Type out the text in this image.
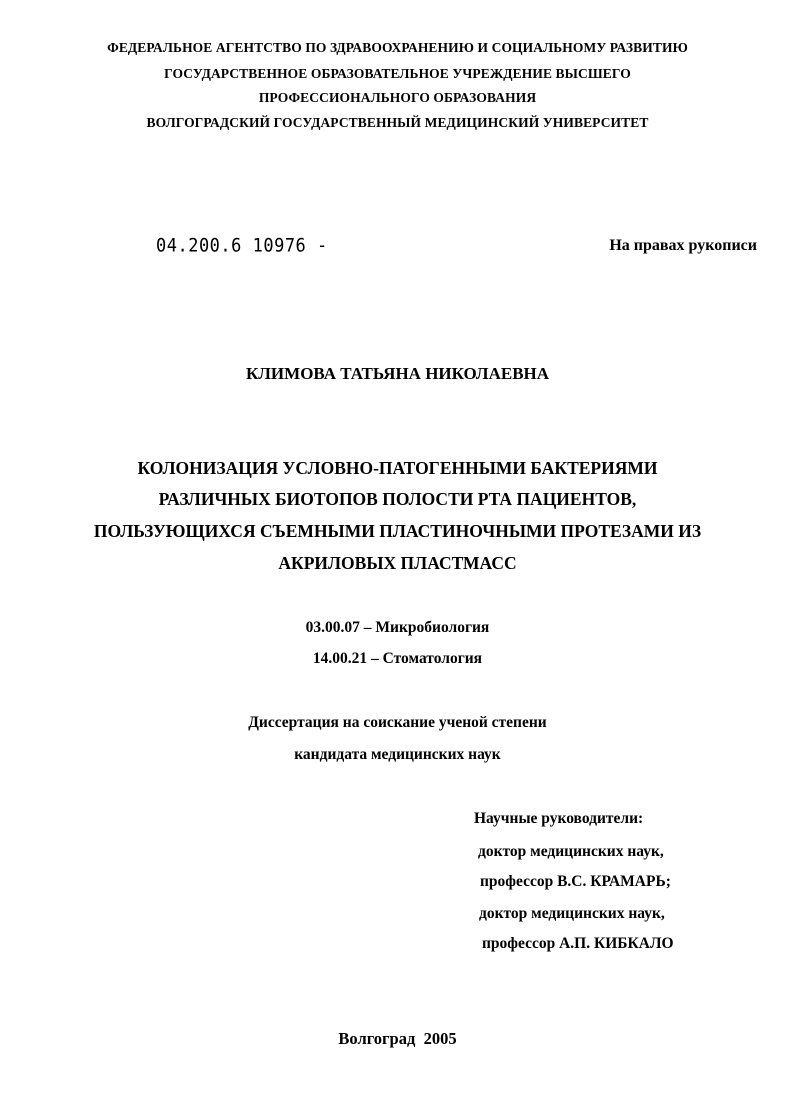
ФЕДЕРАЛЬНОЕ АГЕНТСТВО ПО ЗДРАВООХРАНЕНИЮ И СОЦИАЛЬНОМУ РАЗВИТИЮ
ГОСУДАРСТВЕННОЕ ОБРАЗОВАТЕЛЬНОЕ УЧРЕЖДЕНИЕ ВЫСШЕГО
ПРОФЕССИОНАЛЬНОГО ОБРАЗОВАНИЯ
ВОЛГОГРАДСКИЙ ГОСУДАРСТВЕННЫЙ МЕДИЦИНСКИЙ УНИВЕРСИТЕТ
04.200.6 10976 -	На правах рукописи
КЛИМОВА ТАТЬЯНА НИКОЛАЕВНА
КОЛОНИЗАЦИЯ УСЛОВНО-ПАТОГЕННЫМИ БАКТЕРИЯМИ
РАЗЛИЧНЫХ БИОТОПОВ ПОЛОСТИ РТА ПАЦИЕНТОВ,
ПОЛЬЗУЮЩИХСЯ СЪЕМНЫМИ ПЛАСТИНОЧНЫМИ ПРОТЕЗАМИ ИЗ
АКРИЛОВЫХ ПЛАСТМАСС
03.00.07 – Микробиология
14.00.21 – Стоматология
Диссертация на соискание ученой степени
кандидата медицинских наук
Научные руководители:
доктор медицинских наук,
профессор В.С. КРАМАРЬ;
доктор медицинских наук,
профессор А.П. КИБКАЛО
Волгоград  2005
